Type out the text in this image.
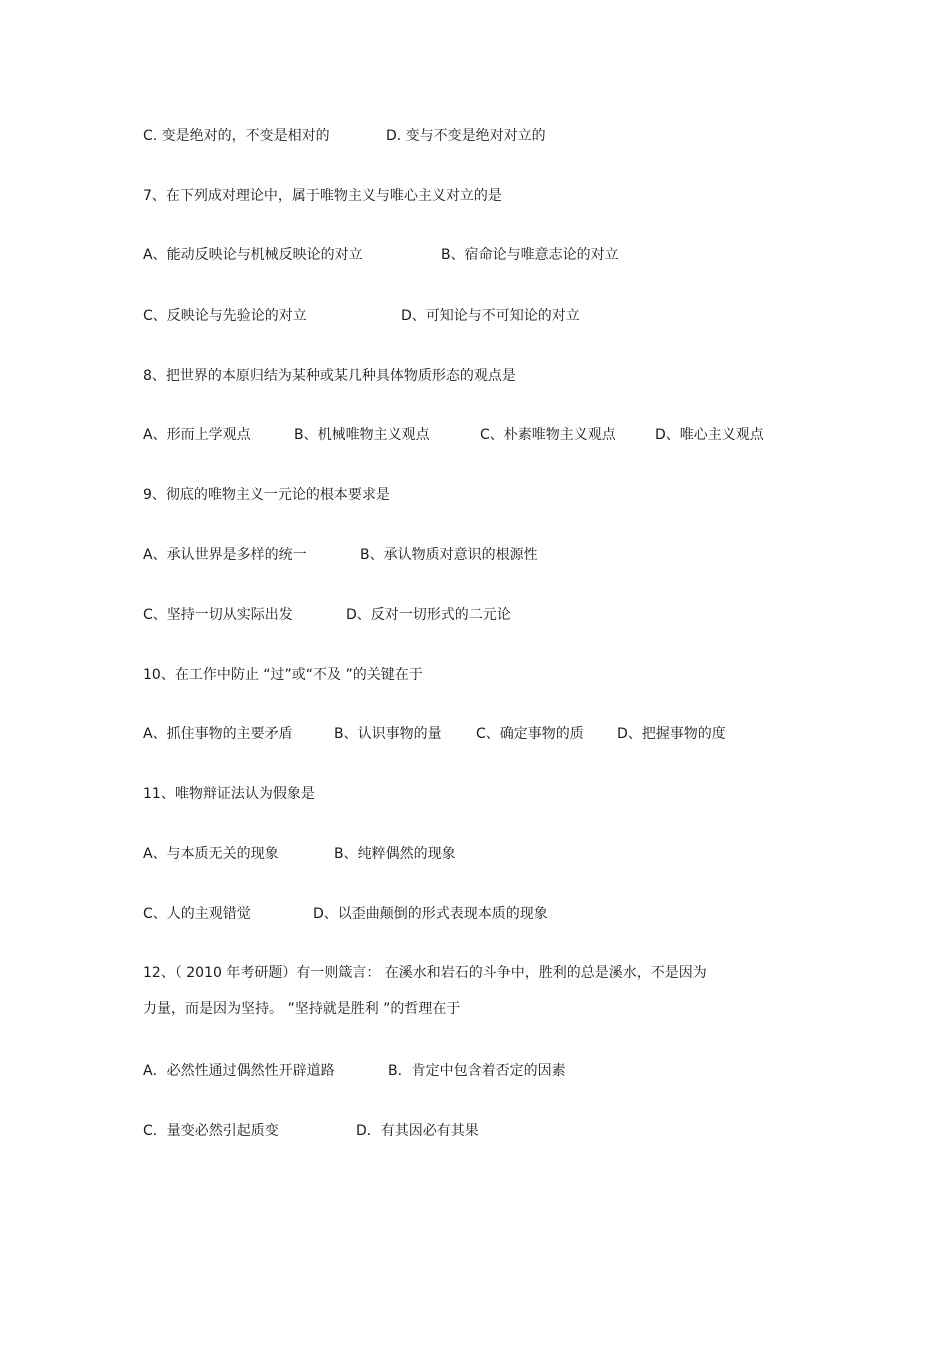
C. 变是绝对的，不变是相对的	D. 变与不变是绝对对立的
7、在下列成对理论中，属于唯物主义与唯心主义对立的是
A、能动反映论与机械反映论的对立	B、宿命论与唯意志论的对立
C、反映论与先验论的对立	D、可知论与不可知论的对立
8、把世界的本原归结为某种或某几种具体物质形态的观点是
A、形而上学观点	B、机械唯物主义观点	C、朴素唯物主义观点	D、唯心主义观点
9、彻底的唯物主义一元论的根本要求是
A、承认世界是多样的统一	B、承认物质对意识的根源性
C、坚持一切从实际出发	D、反对一切形式的二元论
10、在工作中防止 “过”或“不及 ”的关键在于
A、抓住事物的主要矛盾	B、认识事物的量 C、确定事物的质 D、把握事物的度
11、唯物辩证法认为假象是
A、与本质无关的现象	B、纯粹偶然的现象
C、人的主观错觉	D、以歪曲颠倒的形式表现本质的现象
12、（ 2010 年考研题）有一则箴言： 在溪水和岩石的斗争中，胜利的总是溪水，不是因为
力量，而是因为坚持。 ”坚持就是胜利 ”的哲理在于
A．必然性通过偶然性开辟道路	B．肯定中包含着否定的因素
C．量变必然引起质变	D．有其因必有其果
